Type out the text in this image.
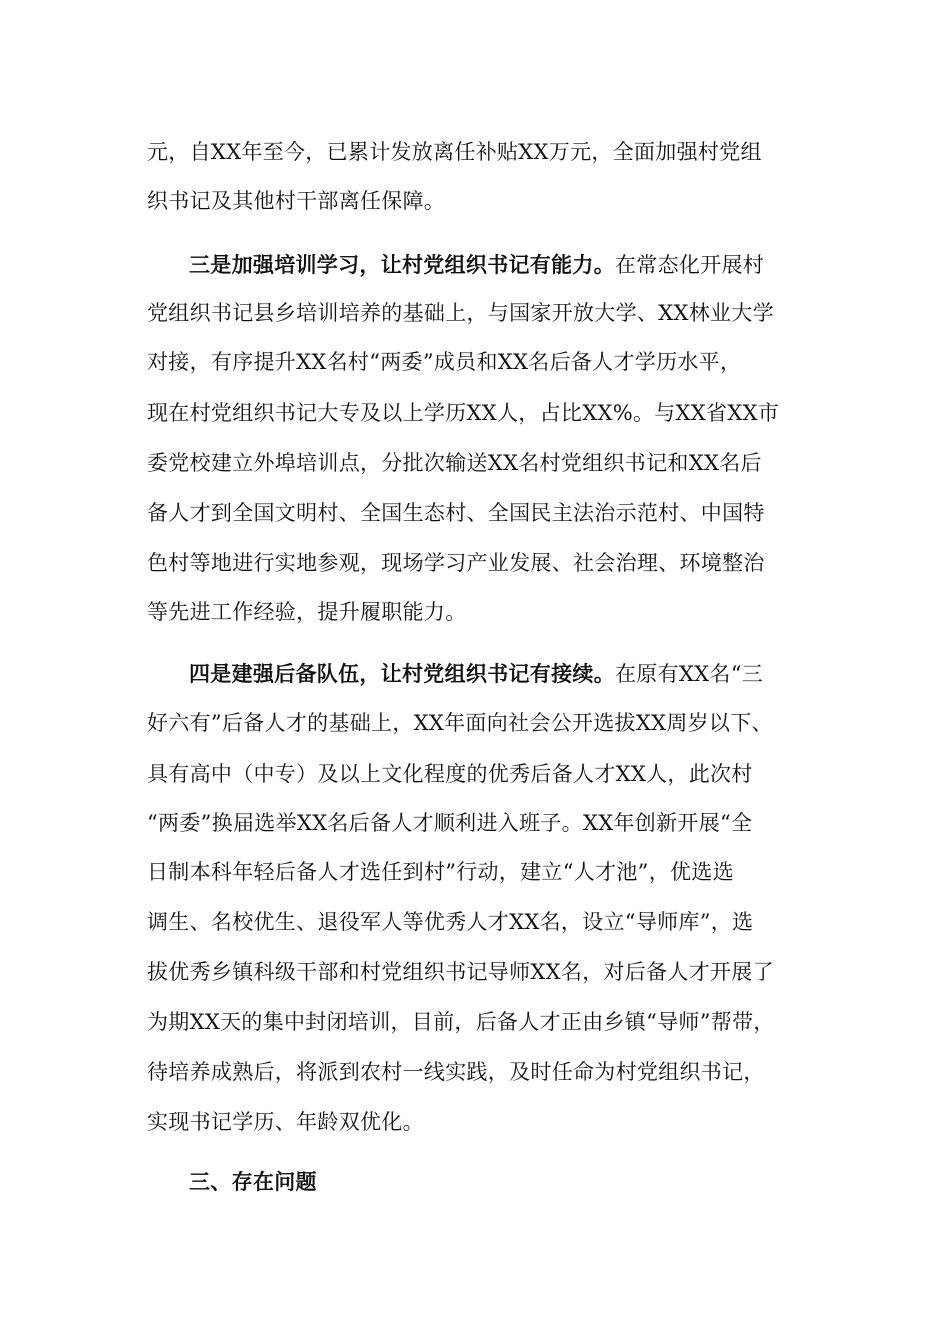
元，自XX年至今，已累计发放离任补贴XX万元，全面加强村党组
织书记及其他村干部离任保障。
三是加强培训学习，让村党组织书记有能力。在常态化开展村
党组织书记县乡培训培养的基础上，与国家开放大学、XX林业大学
对接，有序提升XX名村“两委”成员和XX名后备人才学历水平，
现在村党组织书记大专及以上学历XX人，占比XX%。与XX省XX市
委党校建立外埠培训点，分批次输送XX名村党组织书记和XX名后
备人才到全国文明村、全国生态村、全国民主法治示范村、中国特
色村等地进行实地参观，现场学习产业发展、社会治理、环境整治
等先进工作经验，提升履职能力。
四是建强后备队伍，让村党组织书记有接续。在原有XX名“三
好六有”后备人才的基础上，XX年面向社会公开选拔XX周岁以下、
具有高中（中专）及以上文化程度的优秀后备人才XX人，此次村
“两委”换届选举XX名后备人才顺利进入班子。XX年创新开展“全
日制本科年轻后备人才选任到村”行动，建立“人才池”，优选选
调生、名校优生、退役军人等优秀人才XX名，设立“导师库”，选
拔优秀乡镇科级干部和村党组织书记导师XX名，对后备人才开展了
为期XX天的集中封闭培训，目前，后备人才正由乡镇“导师”帮带，
待培养成熟后，将派到农村一线实践，及时任命为村党组织书记，
实现书记学历、年龄双优化。
三、存在问题
